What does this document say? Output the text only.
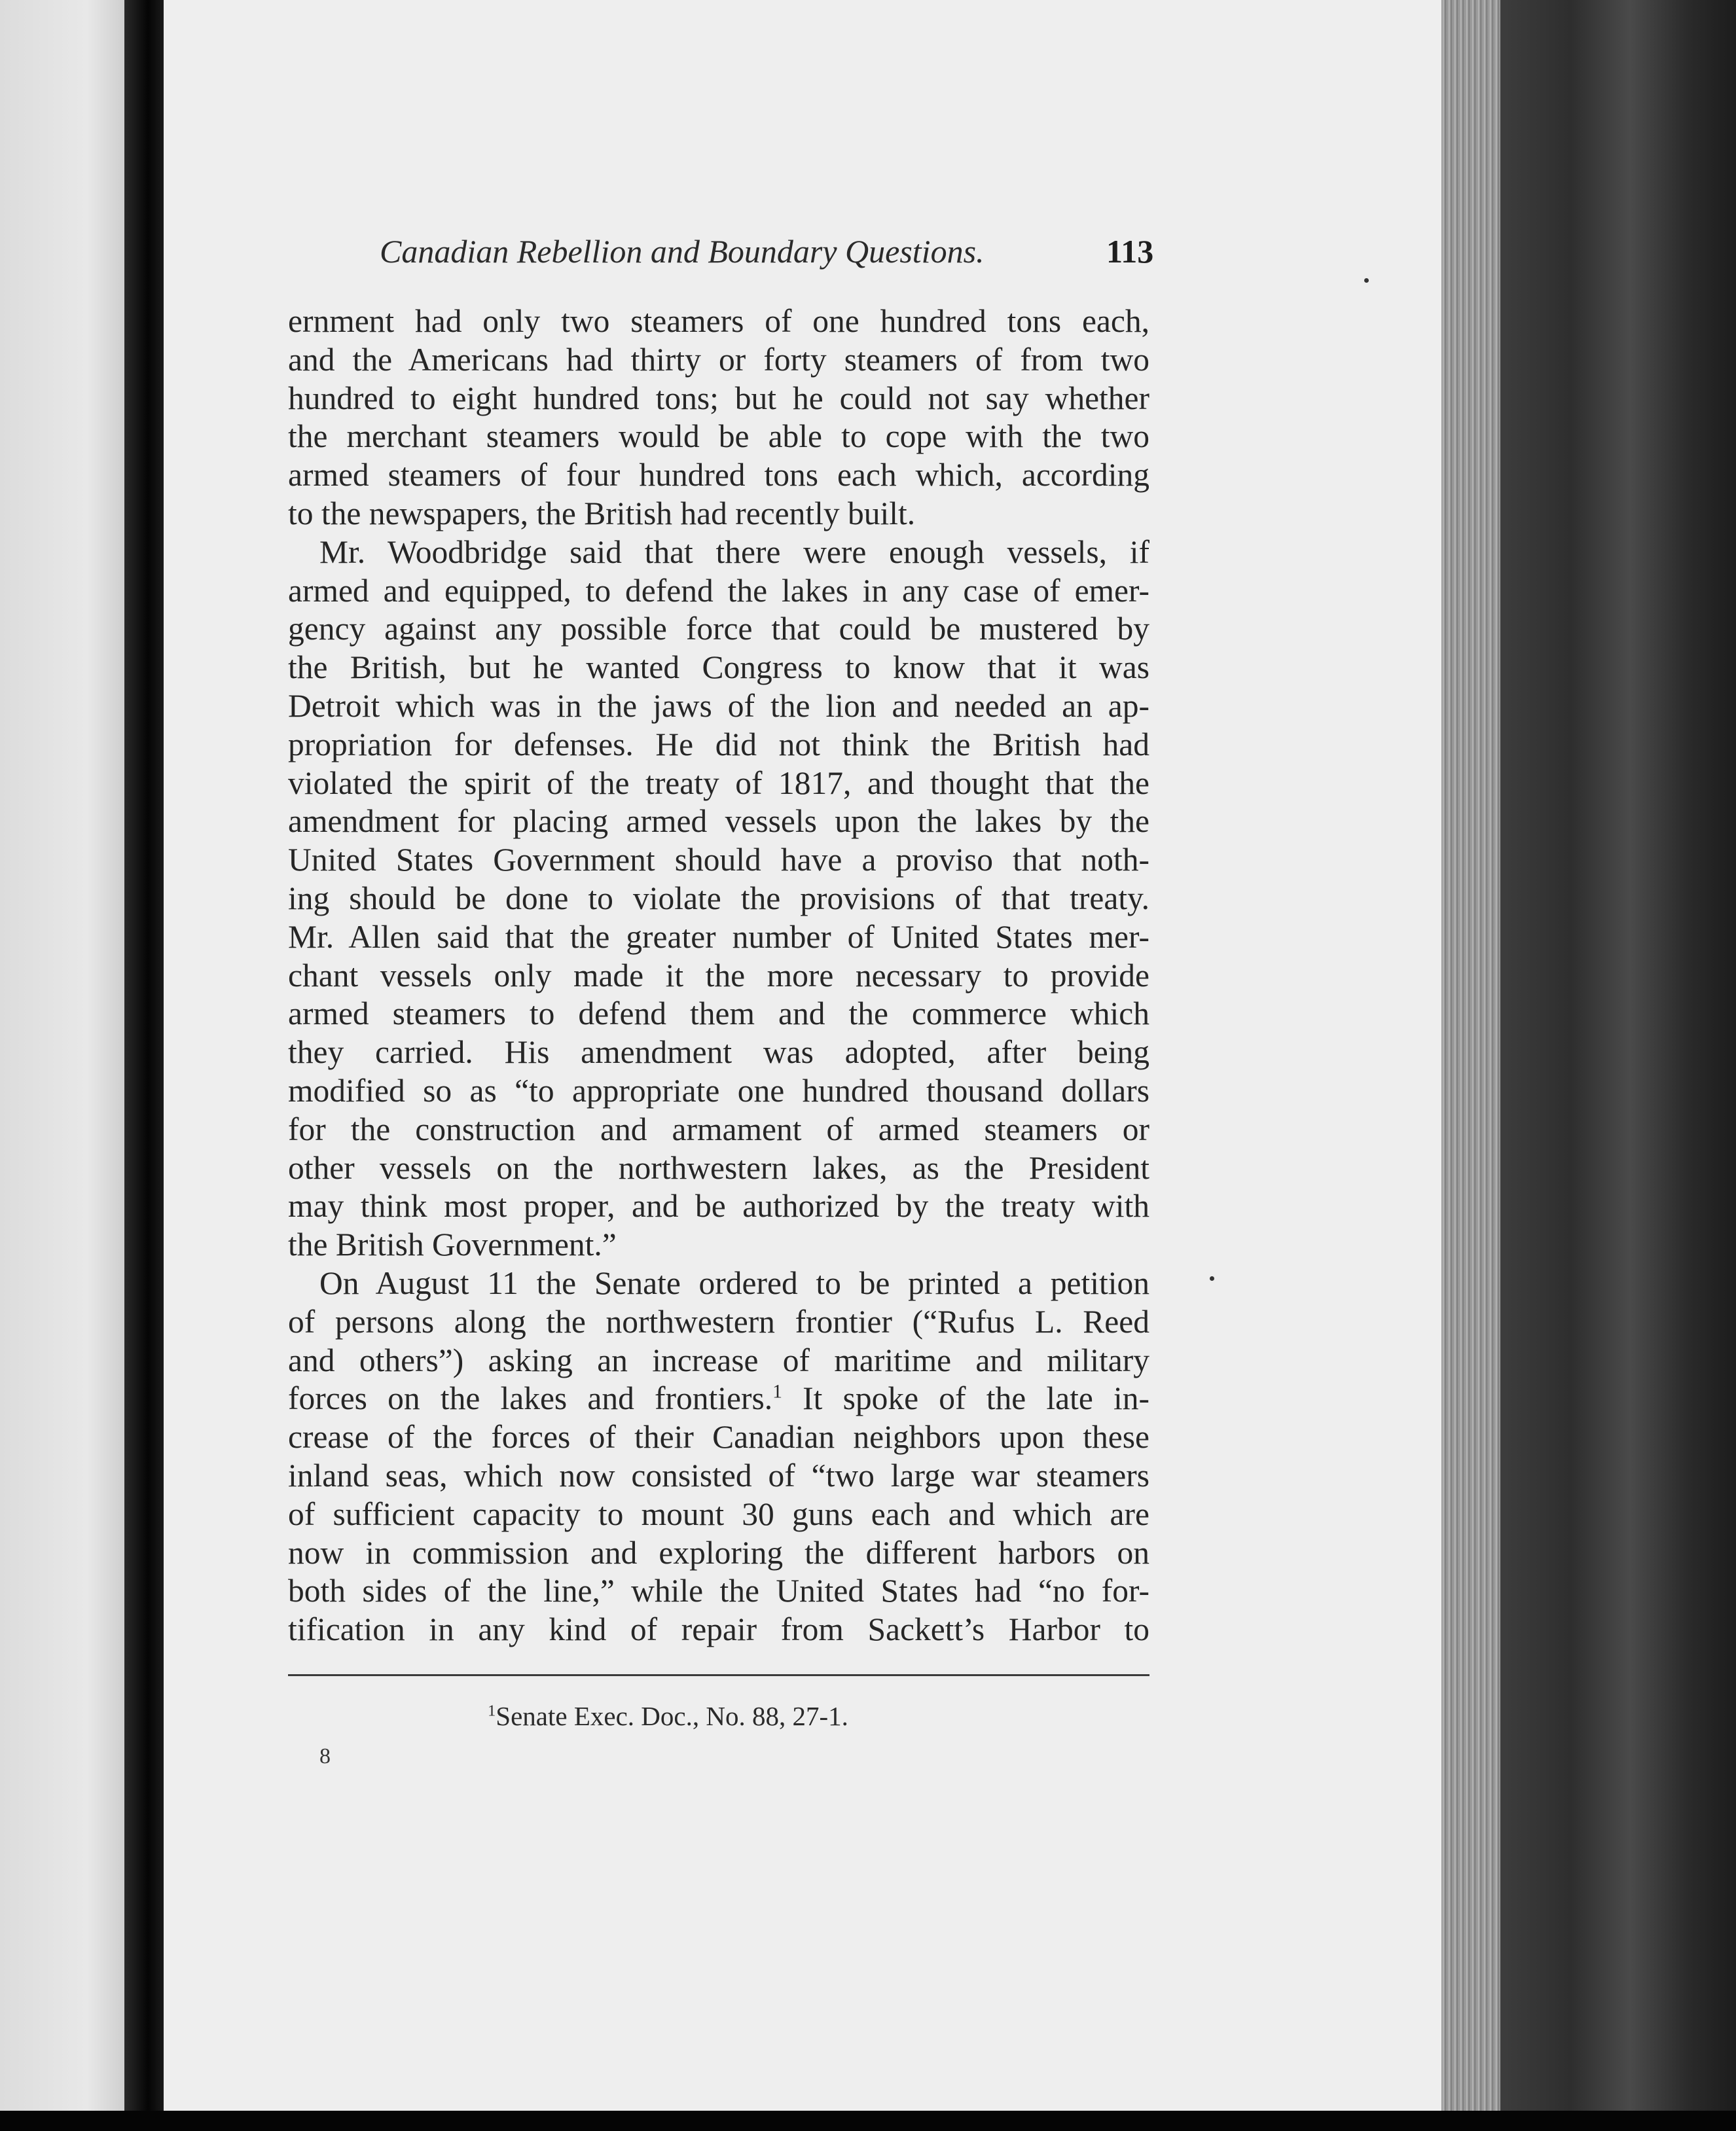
Canadian Rebellion and Boundary Questions.	113
ernment had only two steamers of one hundred tons each,
and the Americans had thirty or forty steamers of from two
hundred to eight hundred tons; but he could not say whether
the merchant steamers would be able to cope with the two
armed steamers of four hundred tons each which, according
to the newspapers, the British had recently built.
Mr. Woodbridge said that there were enough vessels, if
armed and equipped, to defend the lakes in any case of emer-
gency against any possible force that could be mustered by
the British, but he wanted Congress to know that it was
Detroit which was in the jaws of the lion and needed an ap-
propriation for defenses. He did not think the British had
violated the spirit of the treaty of 1817, and thought that the
amendment for placing armed vessels upon the lakes by the
United States Government should have a proviso that noth-
ing should be done to violate the provisions of that treaty.
Mr. Allen said that the greater number of United States mer-
chant vessels only made it the more necessary to provide
armed steamers to defend them and the commerce which
they carried. His amendment was adopted, after being
modified so as “to appropriate one hundred thousand dollars
for the construction and armament of armed steamers or
other vessels on the northwestern lakes, as the President
may think most proper, and be authorized by the treaty with
the British Government.”
On August 11 the Senate ordered to be printed a petition
of persons along the northwestern frontier (“Rufus L. Reed
and others”) asking an increase of maritime and military
forces on the lakes and frontiers.$^1$ It spoke of the late in-
crease of the forces of their Canadian neighbors upon these
inland seas, which now consisted of “two large war steamers
of sufficient capacity to mount 30 guns each and which are
now in commission and exploring the different harbors on
both sides of the line,” while the United States had “no for-
tification in any kind of repair from Sackett’s Harbor to
$^1$Senate Exec. Doc., No. 88, 27-1.
8
